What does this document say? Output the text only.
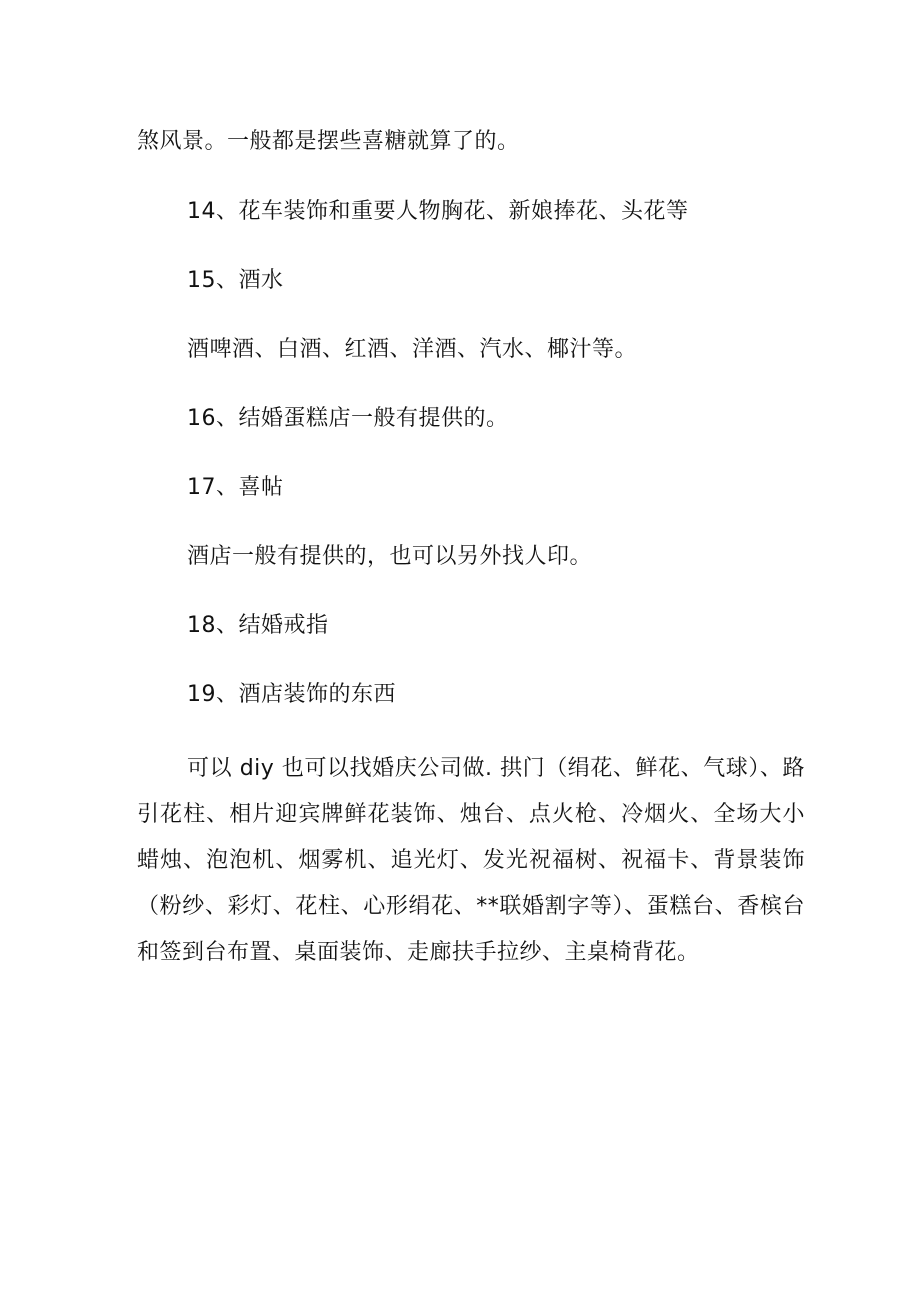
煞风景。一般都是摆些喜糖就算了的。

14、花车装饰和重要人物胸花、新娘捧花、头花等

15、酒水

酒啤酒、白酒、红酒、洋酒、汽水、椰汁等。

16、结婚蛋糕店一般有提供的。

17、喜帖

酒店一般有提供的，也可以另外找人印。

18、结婚戒指

19、酒店装饰的东西

可以 diy 也可以找婚庆公司做. 拱门（绢花、鲜花、气球）、路引花柱、相片迎宾牌鲜花装饰、烛台、点火枪、冷烟火、全场大小蜡烛、泡泡机、烟雾机、追光灯、发光祝福树、祝福卡、背景装饰（粉纱、彩灯、花柱、心形绢花、**联婚割字等）、蛋糕台、香槟台和签到台布置、桌面装饰、走廊扶手拉纱、主桌椅背花。
